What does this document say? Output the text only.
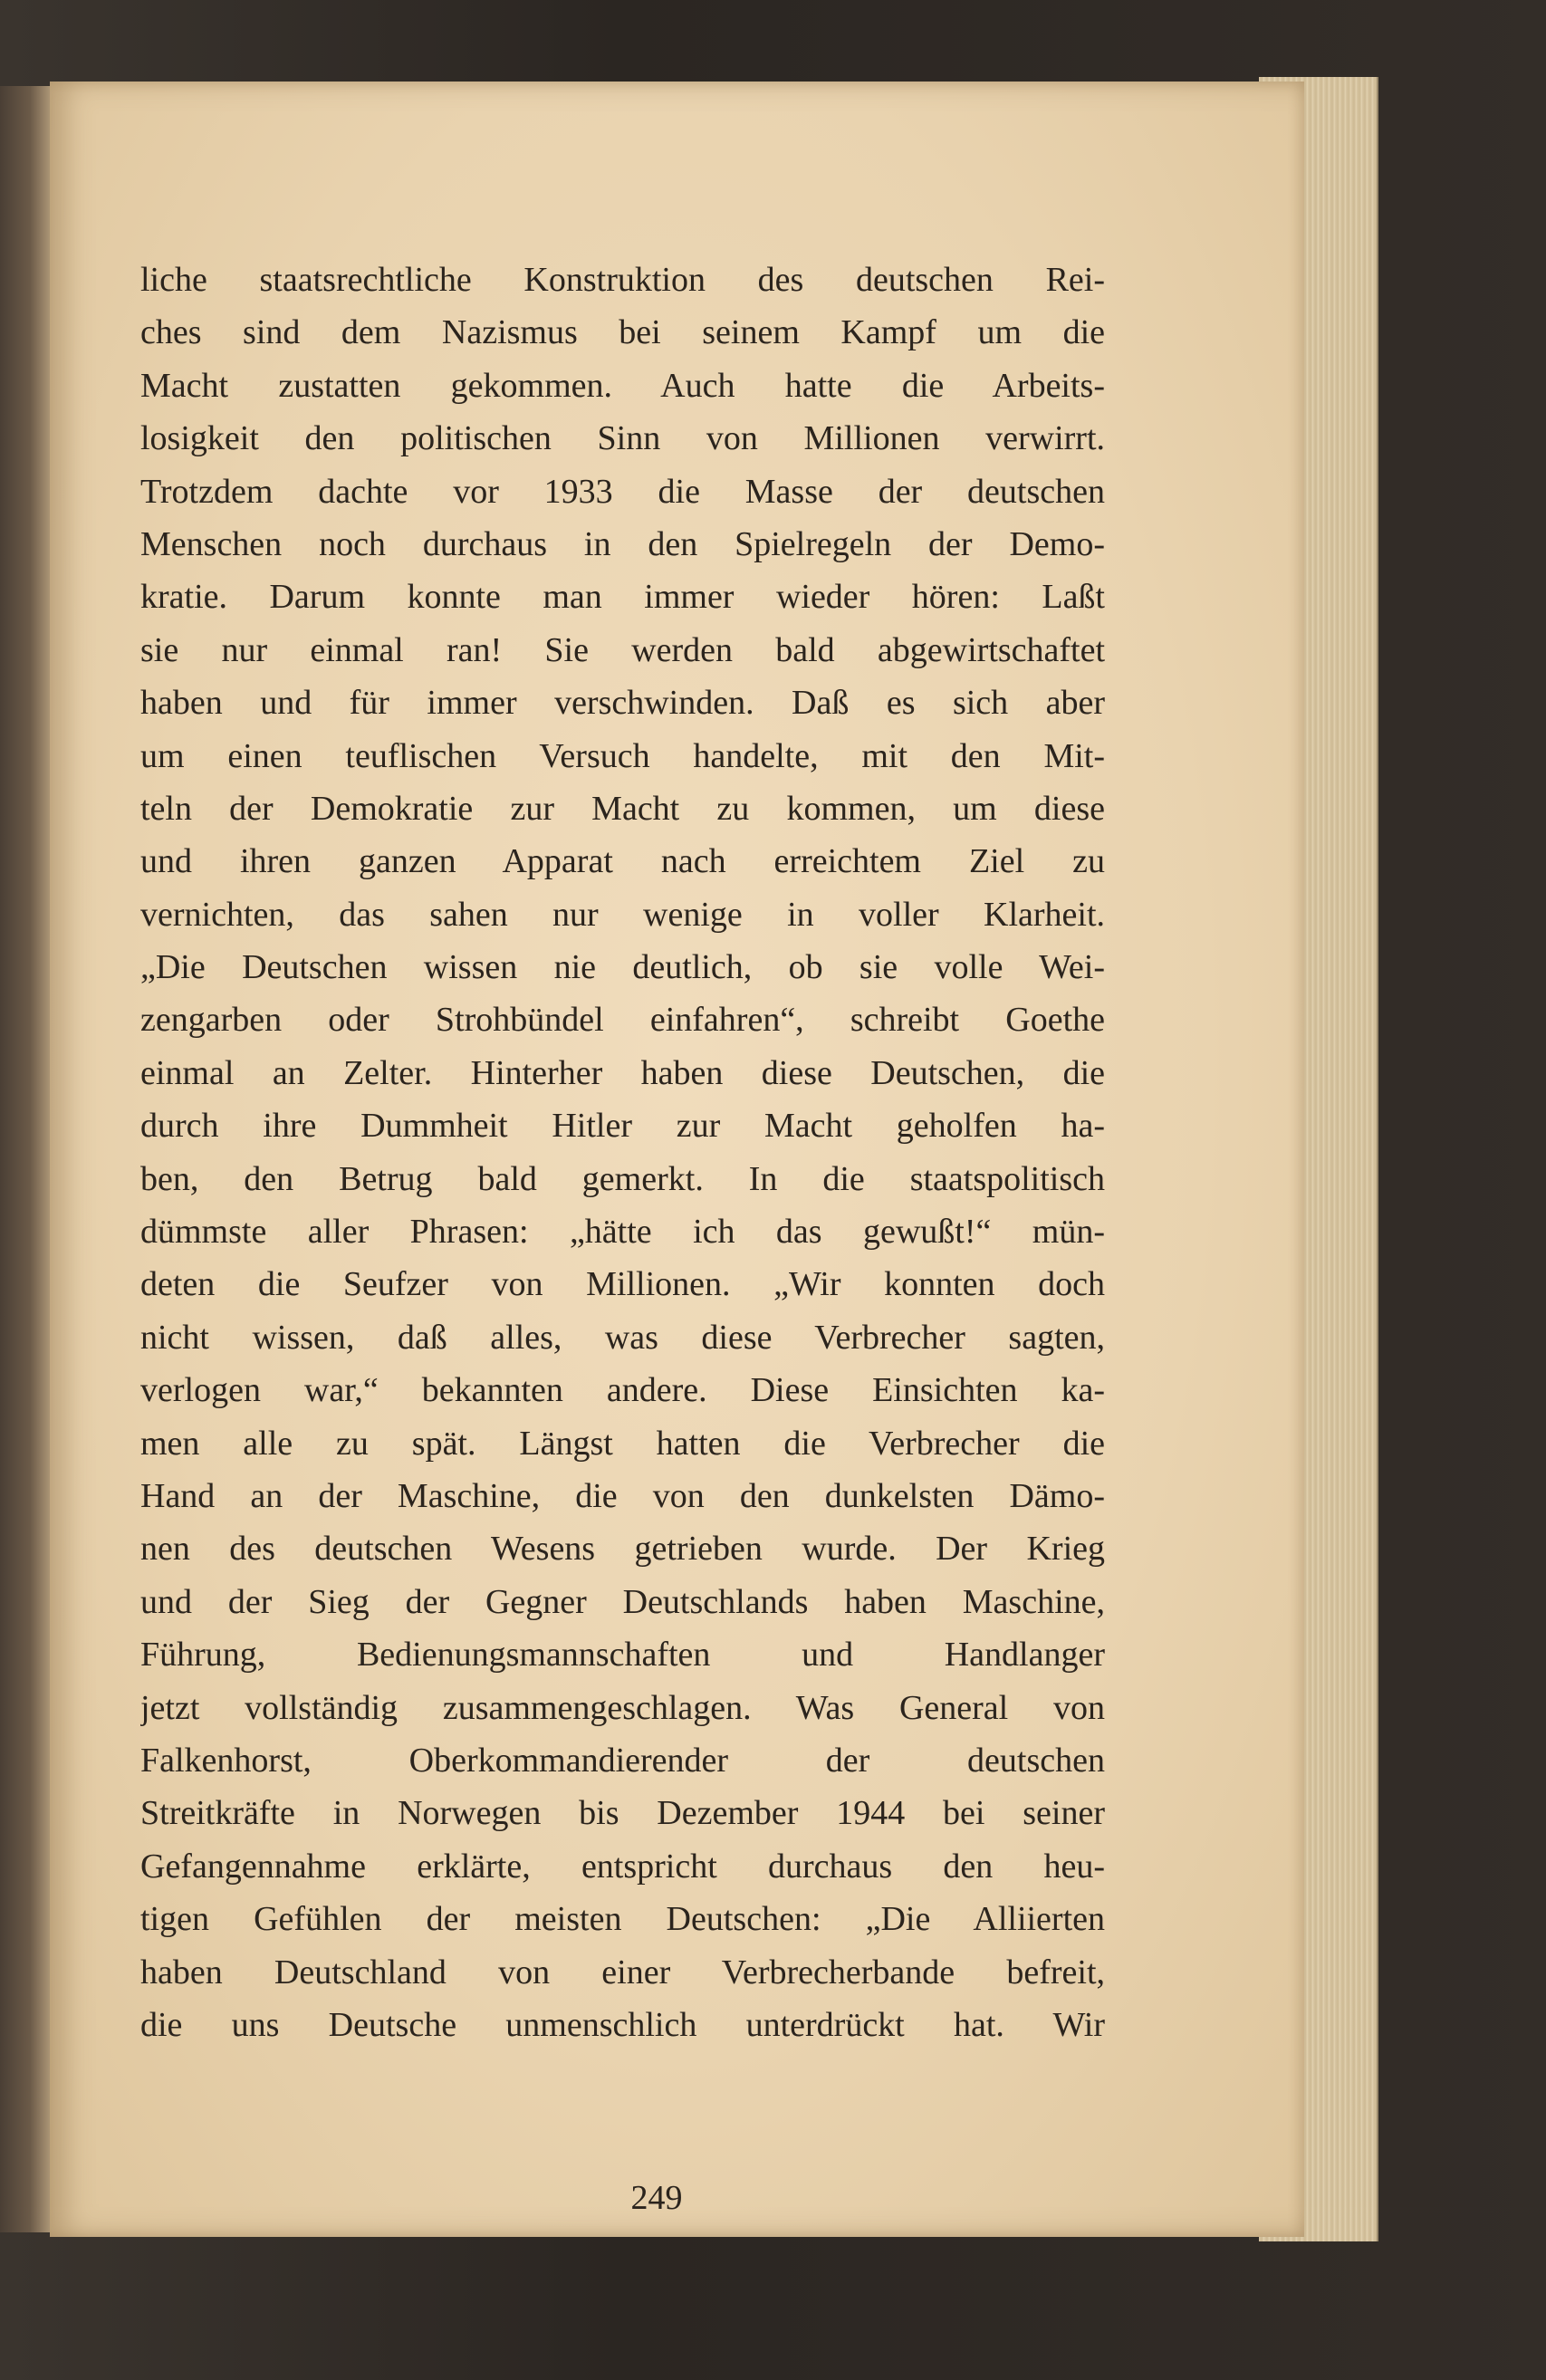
liche staatsrechtliche Konstruktion des deutschen Rei-
ches sind dem Nazismus bei seinem Kampf um die
Macht zustatten gekommen. Auch hatte die Arbeits-
losigkeit den politischen Sinn von Millionen verwirrt.
Trotzdem dachte vor 1933 die Masse der deutschen
Menschen noch durchaus in den Spielregeln der Demo-
kratie. Darum konnte man immer wieder hören: Laßt
sie nur einmal ran! Sie werden bald abgewirtschaftet
haben und für immer verschwinden. Daß es sich aber
um einen teuflischen Versuch handelte, mit den Mit-
teln der Demokratie zur Macht zu kommen, um diese
und ihren ganzen Apparat nach erreichtem Ziel zu
vernichten, das sahen nur wenige in voller Klarheit.
„Die Deutschen wissen nie deutlich, ob sie volle Wei-
zengarben oder Strohbündel einfahren“, schreibt Goethe
einmal an Zelter. Hinterher haben diese Deutschen, die
durch ihre Dummheit Hitler zur Macht geholfen ha-
ben, den Betrug bald gemerkt. In die staatspolitisch
dümmste aller Phrasen: „hätte ich das gewußt!“ mün-
deten die Seufzer von Millionen. „Wir konnten doch
nicht wissen, daß alles, was diese Verbrecher sagten,
verlogen war,“ bekannten andere. Diese Einsichten ka-
men alle zu spät. Längst hatten die Verbrecher die
Hand an der Maschine, die von den dunkelsten Dämo-
nen des deutschen Wesens getrieben wurde. Der Krieg
und der Sieg der Gegner Deutschlands haben Maschine,
Führung, Bedienungsmannschaften und Handlanger
jetzt vollständig zusammengeschlagen. Was General von
Falkenhorst, Oberkommandierender der deutschen
Streitkräfte in Norwegen bis Dezember 1944 bei seiner
Gefangennahme erklärte, entspricht durchaus den heu-
tigen Gefühlen der meisten Deutschen: „Die Alliierten
haben Deutschland von einer Verbrecherbande befreit,
die uns Deutsche unmenschlich unterdrückt hat. Wir
249
